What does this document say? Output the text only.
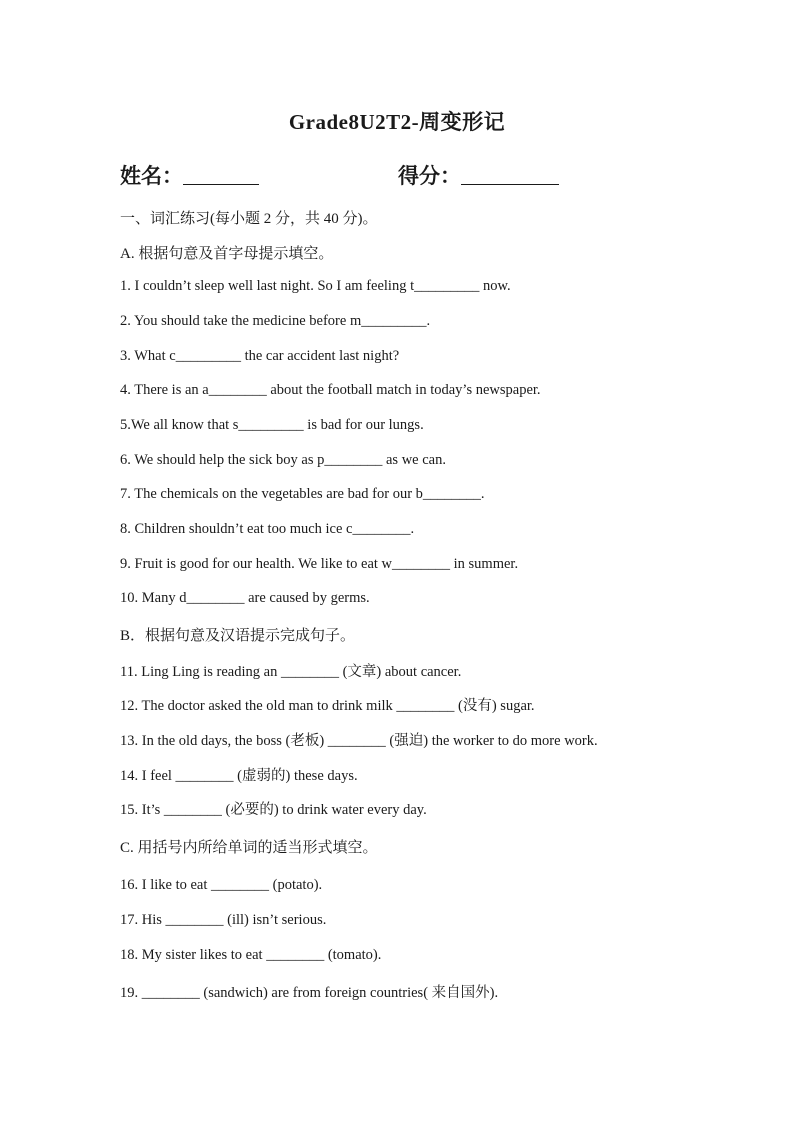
Grade8U2T2-周变形记
姓名：	得分：
一、词汇练习(每小题 2 分，共 40 分)。
A. 根据句意及首字母提示填空。
1. I couldn’t sleep well last night. So I am feeling t_________ now.
2. You should take the medicine before m_________.
3. What c_________ the car accident last night?
4. There is an a________ about the football match in today’s newspaper.
5.We all know that s_________ is bad for our lungs.
6. We should help the sick boy as p________ as we can.
7. The chemicals on the vegetables are bad for our b________.
8. Children shouldn’t eat too much ice c________.
9. Fruit is good for our health. We like to eat w________ in summer.
10. Many d________ are caused by germs.
B．根据句意及汉语提示完成句子。
11. Ling Ling is reading an ________ (文章) about cancer.
12. The doctor asked the old man to drink milk ________ (没有) sugar.
13. In the old days, the boss (老板) ________ (强迫) the worker to do more work.
14. I feel ________ (虚弱的) these days.
15. It’s ________ (必要的) to drink water every day.
C. 用括号内所给单词的适当形式填空。
16. I like to eat ________ (potato).
17. His ________ (ill) isn’t serious.
18. My sister likes to eat ________ (tomato).
19. ________ (sandwich) are from foreign countries( 来自国外).
